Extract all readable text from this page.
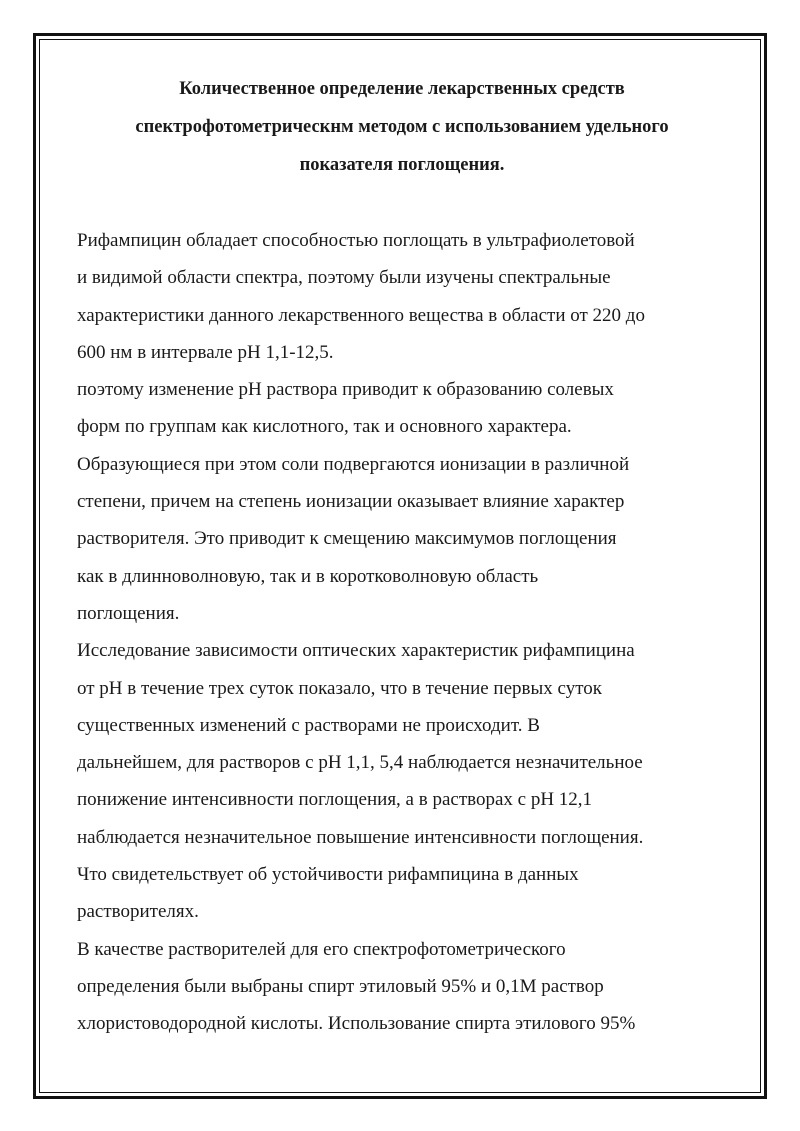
Количественное определение лекарственных средств
спектрофотометрическнм методом с использованием удельного
показателя поглощения.

Рифампицин обладает способностью поглощать в ультрафиолетовой
и видимой области спектра, поэтому были изучены спектральные
характеристики данного лекарственного вещества в области от 220 до
600 нм в интервале pH 1,1-12,5.
поэтому изменение pH раствора приводит к образованию солевых
форм по группам как кислотного, так и основного характера.
Образующиеся при этом соли подвергаются ионизации в различной
степени, причем на степень ионизации оказывает влияние характер
растворителя. Это приводит к смещению максимумов поглощения
как в длинноволновую, так и в коротковолновую область
поглощения.
Исследование зависимости оптических характеристик рифампицина
от pH в течение трех суток показало, что в течение первых суток
существенных изменений с растворами не происходит. В
дальнейшем, для растворов с pH 1,1, 5,4 наблюдается незначительное
понижение интенсивности поглощения, а в растворах с pH 12,1
наблюдается незначительное повышение интенсивности поглощения.
Что свидетельствует об устойчивости рифампицина в данных
растворителях.
В качестве растворителей для его спектрофотометрического
определения были выбраны спирт этиловый 95% и 0,1М раствор
хлористоводородной кислоты. Использование спирта этилового 95%
